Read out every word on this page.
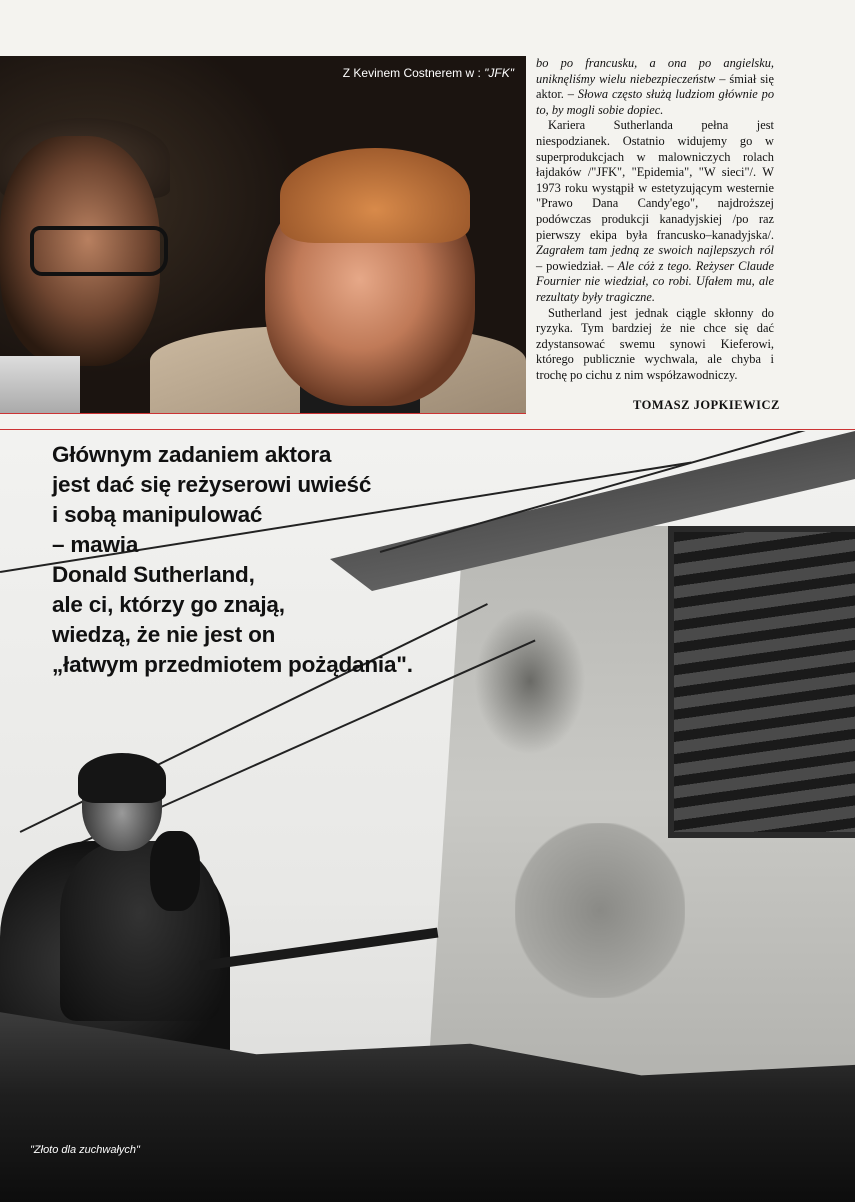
Z Kevinem Costnerem w : "JFK"

bo po francusku, a ona po angielsku, uniknęliśmy wielu niebezpieczeństw – śmiał się aktor. – Słowa często służą ludziom głównie po to, by mogli sobie dopiec.

Kariera Sutherlanda pełna jest niespodzianek. Ostatnio widujemy go w superprodukcjach w malowniczych rolach łajdaków /"JFK", "Epidemia", "W sieci"/. W 1973 roku wystąpił w estetyzującym westernie "Prawo Dana Candy'ego", najdroższej podówczas produkcji kanadyjskiej /po raz pierwszy ekipa była francusko–kanadyjska/. Zagrałem tam jedną ze swoich najlepszych ról – powiedział. – Ale cóż z tego. Reżyser Claude Fournier nie wiedział, co robi. Ufałem mu, ale rezultaty były tragiczne.

Sutherland jest jednak ciągle skłonny do ryzyka. Tym bardziej że nie chce się dać zdystansować swemu synowi Kieferowi, którego publicznie wychwala, ale chyba i trochę po cichu z nim współzawodniczy.

TOMASZ JOPKIEWICZ
Głównym zadaniem aktora
jest dać się reżyserowi uwieść
i sobą manipulować
– mawia
Donald Sutherland,
ale ci, którzy go znają,
wiedzą, że nie jest on
„łatwym przedmiotem pożądania".
"Złoto dla zuchwałych"
